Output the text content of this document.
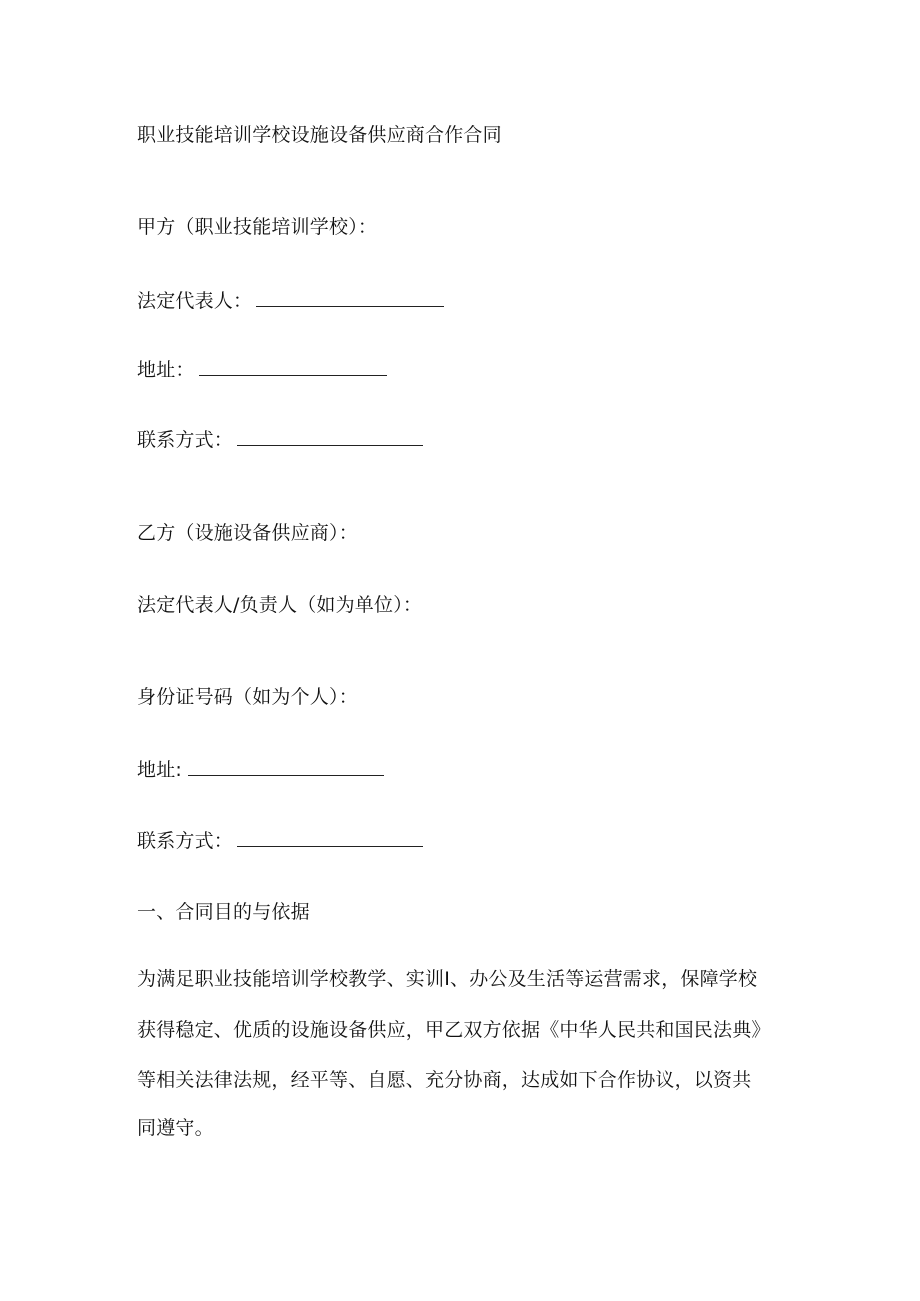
职业技能培训学校设施设备供应商合作合同
甲方（职业技能培训学校）：
法定代表人：
地址：
联系方式：
乙方（设施设备供应商）：
法定代表人/负责人（如为单位）：
身份证号码（如为个人）：
地址:
联系方式：
一、合同目的与依据
为满足职业技能培训学校教学、实训I、办公及生活等运营需求，保障学校
获得稳定、优质的设施设备供应，甲乙双方依据《中华人民共和国民法典》
等相关法律法规，经平等、自愿、充分协商，达成如下合作协议，以资共
同遵守。
